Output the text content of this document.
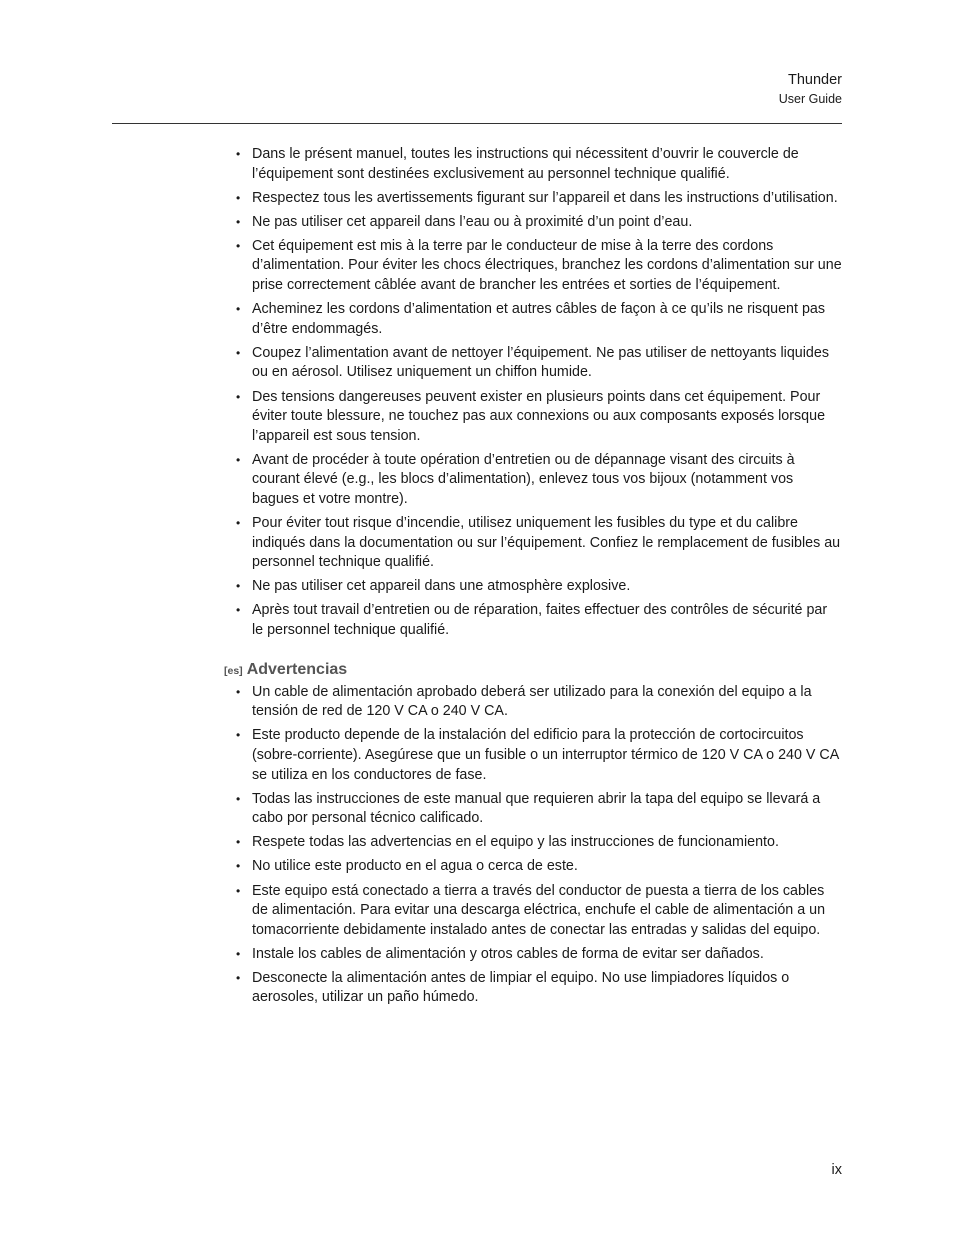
Thunder
User Guide
• Dans le présent manuel, toutes les instructions qui nécessitent d’ouvrir le couvercle de l’équipement sont destinées exclusivement au personnel technique qualifié.
• Respectez tous les avertissements figurant sur l’appareil et dans les instructions d’utilisation.
• Ne pas utiliser cet appareil dans l’eau ou à proximité d’un point d’eau.
• Cet équipement est mis à la terre par le conducteur de mise à la terre des cordons d’alimentation. Pour éviter les chocs électriques, branchez les cordons d’alimentation sur une prise correctement câblée avant de brancher les entrées et sorties de l’équipement.
• Acheminez les cordons d’alimentation et autres câbles de façon à ce qu’ils ne risquent pas d’être endommagés.
• Coupez l’alimentation avant de nettoyer l’équipement. Ne pas utiliser de nettoyants liquides ou en aérosol. Utilisez uniquement un chiffon humide.
• Des tensions dangereuses peuvent exister en plusieurs points dans cet équipement. Pour éviter toute blessure, ne touchez pas aux connexions ou aux composants exposés lorsque l’appareil est sous tension.
• Avant de procéder à toute opération d’entretien ou de dépannage visant des circuits à courant élevé (e.g., les blocs d’alimentation), enlevez tous vos bijoux (notamment vos bagues et votre montre).
• Pour éviter tout risque d’incendie, utilisez uniquement les fusibles du type et du calibre indiqués dans la documentation ou sur l’équipement. Confiez le remplacement de fusibles au personnel technique qualifié.
• Ne pas utiliser cet appareil dans une atmosphère explosive.
• Après tout travail d’entretien ou de réparation, faites effectuer des contrôles de sécurité par le personnel technique qualifié.
[es] Advertencias
• Un cable de alimentación aprobado deberá ser utilizado para la conexión del equipo a la tensión de red de 120 V CA o 240 V CA.
• Este producto depende de la instalación del edificio para la protección de cortocircuitos (sobre-corriente). Asegúrese que un fusible o un interruptor térmico de 120 V CA o 240 V CA se utiliza en los conductores de fase.
• Todas las instrucciones de este manual que requieren abrir la tapa del equipo se llevará a cabo por personal técnico calificado.
• Respete todas las advertencias en el equipo y las instrucciones de funcionamiento.
• No utilice este producto en el agua o cerca de este.
• Este equipo está conectado a tierra a través del conductor de puesta a tierra de los cables de alimentación. Para evitar una descarga eléctrica, enchufe el cable de alimentación a un tomacorriente debidamente instalado antes de conectar las entradas y salidas del equipo.
• Instale los cables de alimentación y otros cables de forma de evitar ser dañados.
• Desconecte la alimentación antes de limpiar el equipo. No use limpiadores líquidos o aerosoles, utilizar un paño húmedo.
ix
